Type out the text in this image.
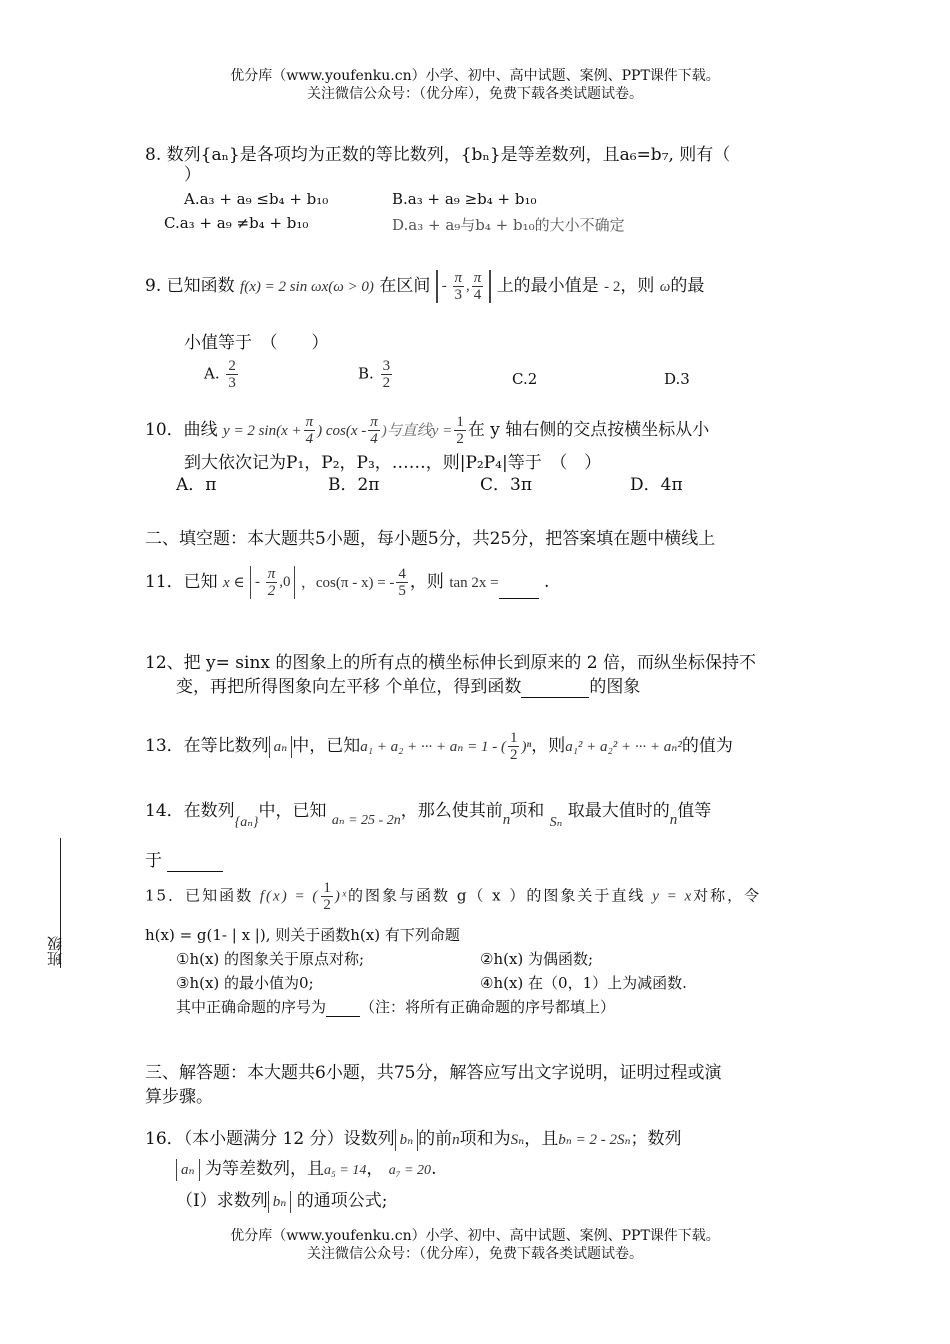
优分库（www.youfenku.cn）小学、初中、高中试题、案例、PPT课件下载。
关注微信公众号：（优分库），免费下载各类试题试卷。
8. 数列{aₙ}是各项均为正数的等比数列，{bₙ}是等差数列，且a₆=b₇, 则有（
）
A.a₃ + a₉ ≤b₄ + b₁₀	B.a₃ + a₉ ≥b₄ + b₁₀
C.a₃ + a₉ ≠b₄ + b₁₀	D.a₃ + a₉与b₄ + b₁₀的大小不确定
9. 已知函数 f(x) = 2 sin ωx(ω > 0) 在区间 - $\frac{\pi}{3}$ , $\frac{\pi}{4}$ 上的最小值是 - 2，则 ω的最
小值等于　（　　）
A. $\frac{2}{3}$	B. $\frac{3}{2}$	C.2	D.3
10．曲线 y = 2 $\sin(x + \frac{\pi}{4}$ ) $\cos(x - \frac{\pi}{4}$ )与直线$y = \frac{1}{2}$ 在 y 轴右侧的交点按横坐标从小
到大依次记为P₁，P₂，P₃，……，则|P₂P₄|等于　（　）
A．π	B．2π	C．3π	D．4π
二、填空题：本大题共5小题，每小题5分，共25分，把答案填在题中横线上
11．已知 x ∈ - $\frac{\pi}{2} ,0$ ，cos(π - x) = - $\frac{4}{5}$ ，则 tan 2x =	.
12、把 y= sinx 的图象上的所有点的横坐标伸长到原来的 2 倍，而纵坐标保持不
变，再把所得图象向左平移 个单位，得到函数	的图象
13．在等比数列 aₙ 中，已知a₁ + a₂ + ··· + aₙ = 1 - ( $\frac{1}{2} )^n$，则a₁² + a₂² + ··· + aₙ²的值为
14．在数列$_{\{a_n\}}$中，已知 $_{a_n = 25 - 2n}$，那么使其前n项和 $_{S_n}$ 取最大值时的n值等
于
15．已知函数 f(x) = ( $\frac{1}{2}$ )ˣ的图象与函数 g（ x ）的图象关于直线 y = x对称，令
h(x) = g(1- | x |), 则关于函数h(x) 有下列命题
①h(x) 的图象关于原点对称;	②h(x) 为偶函数;
③h(x) 的最小值为0;	④h(x) 在（0，1）上为减函数.
其中正确命题的序号为 （注：将所有正确命题的序号都填上）
三、解答题：本大题共6小题，共75分，解答应写出文字说明，证明过程或演
算步骤。
16．（本小题满分 12 分）设数列 bₙ 的前n项和为Sₙ，且bₙ = 2 - 2Sₙ；数列
aₙ 为等差数列，且a₅ = 14， a₇ = 20.
（I）求数列 bₙ 的通项公式;
班级
优分库（www.youfenku.cn）小学、初中、高中试题、案例、PPT课件下载。
关注微信公众号：（优分库），免费下载各类试题试卷。
